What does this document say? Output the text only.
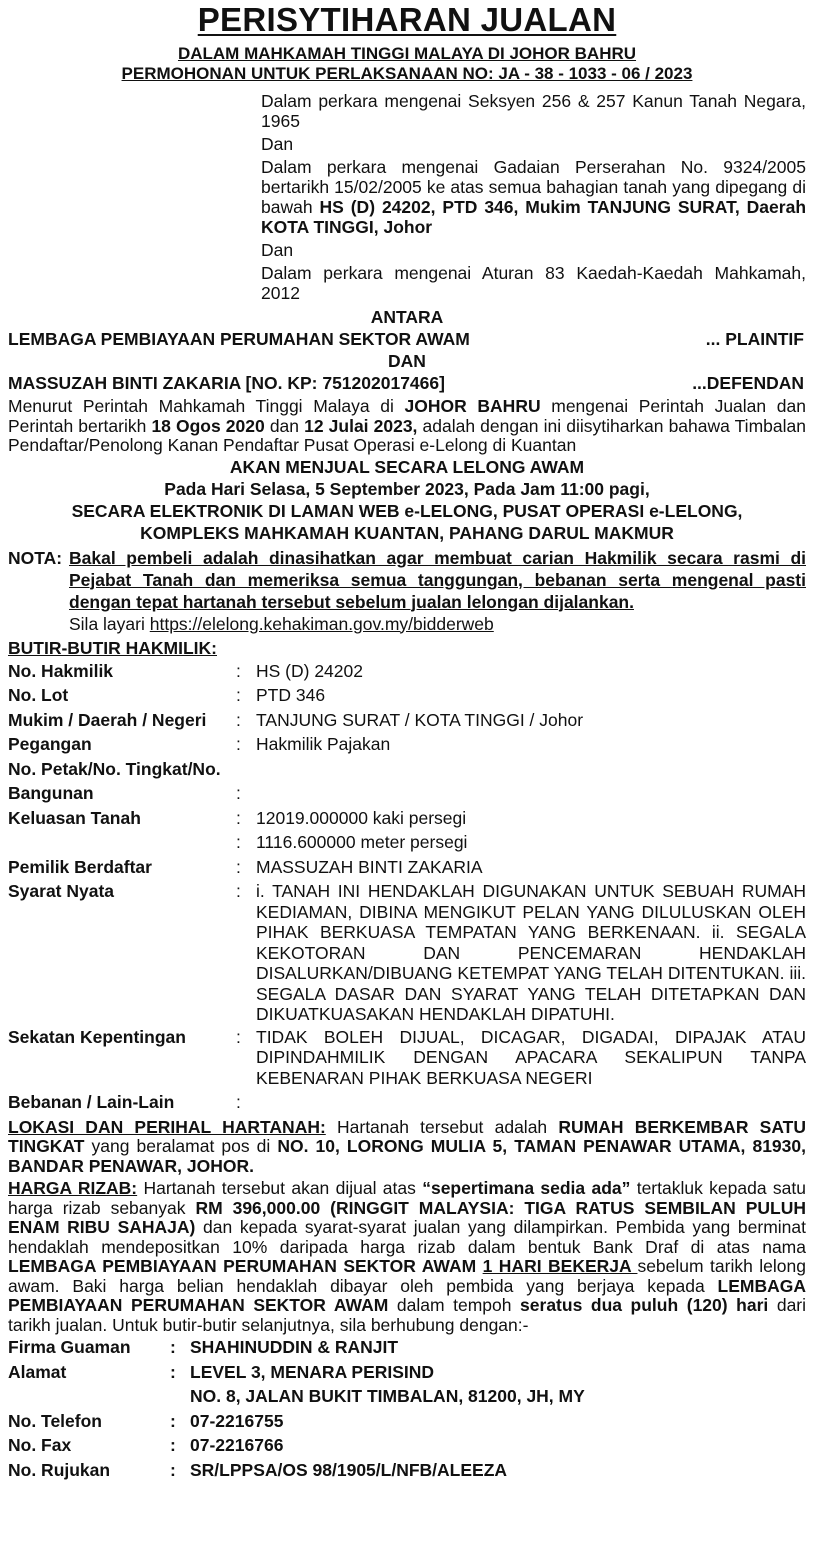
PERISYTIHARAN JUALAN
DALAM MAHKAMAH TINGGI MALAYA DI JOHOR BAHRU
PERMOHONAN UNTUK PERLAKSANAAN NO: JA - 38 - 1033 - 06 / 2023

Dalam perkara mengenai Seksyen 256 & 257 Kanun Tanah Negara, 1965

Dan

Dalam perkara mengenai Gadaian Perserahan No. 9324/2005 bertarikh 15/02/2005 ke atas semua bahagian tanah yang dipegang di bawah HS (D) 24202, PTD 346, Mukim TANJUNG SURAT, Daerah KOTA TINGGI, Johor

Dan

Dalam perkara mengenai Aturan 83 Kaedah-Kaedah Mahkamah, 2012

ANTARA
LEMBAGA PEMBIAYAAN PERUMAHAN SEKTOR AWAM	... PLAINTIF
DAN
MASSUZAH BINTI ZAKARIA [NO. KP: 751202017466]	...DEFENDAN

Menurut Perintah Mahkamah Tinggi Malaya di JOHOR BAHRU mengenai Perintah Jualan dan Perintah bertarikh 18 Ogos 2020 dan 12 Julai 2023, adalah dengan ini diisytiharkan bahawa Timbalan Pendaftar/Penolong Kanan Pendaftar Pusat Operasi e-Lelong di Kuantan

AKAN MENJUAL SECARA LELONG AWAM
Pada Hari Selasa, 5 September 2023, Pada Jam 11:00 pagi,
SECARA ELEKTRONIK DI LAMAN WEB e-LELONG, PUSAT OPERASI e-LELONG,
KOMPLEKS MAHKAMAH KUANTAN, PAHANG DARUL MAKMUR
NOTA: Bakal pembeli adalah dinasihatkan agar membuat carian Hakmilik secara rasmi di Pejabat Tanah dan memeriksa semua tanggungan, bebanan serta mengenal pasti dengan tepat hartanah tersebut sebelum jualan lelongan dijalankan.
Sila layari https://elelong.kehakiman.gov.my/bidderweb
BUTIR-BUTIR HAKMILIK:
No. Hakmilik	: HS (D) 24202
No. Lot	: PTD 346
Mukim / Daerah / Negeri	: TANJUNG SURAT / KOTA TINGGI / Johor
Pegangan	: Hakmilik Pajakan
No. Petak/No. Tingkat/No.
Bangunan	:
Keluasan Tanah	: 12019.000000 kaki persegi
: 1116.600000 meter persegi
Pemilik Berdaftar	: MASSUZAH BINTI ZAKARIA
Syarat Nyata	: i. TANAH INI HENDAKLAH DIGUNAKAN UNTUK SEBUAH RUMAH KEDIAMAN, DIBINA MENGIKUT PELAN YANG DILULUSKAN OLEH PIHAK BERKUASA TEMPATAN YANG BERKENAAN. ii. SEGALA KEKOTORAN DAN PENCEMARAN HENDAKLAH DISALURKAN/DIBUANG KETEMPAT YANG TELAH DITENTUKAN. iii. SEGALA DASAR DAN SYARAT YANG TELAH DITETAPKAN DAN DIKUATKUASAKAN HENDAKLAH DIPATUHI.
Sekatan Kepentingan	: TIDAK BOLEH DIJUAL, DICAGAR, DIGADAI, DIPAJAK ATAU DIPINDAHMILIK DENGAN APACARA SEKALIPUN TANPA KEBENARAN PIHAK BERKUASA NEGERI
Bebanan / Lain-Lain	:

LOKASI DAN PERIHAL HARTANAH: Hartanah tersebut adalah RUMAH BERKEMBAR SATU TINGKAT yang beralamat pos di NO. 10, LORONG MULIA 5, TAMAN PENAWAR UTAMA, 81930, BANDAR PENAWAR, JOHOR.

HARGA RIZAB: Hartanah tersebut akan dijual atas “sepertimana sedia ada” tertakluk kepada satu harga rizab sebanyak RM 396,000.00 (RINGGIT MALAYSIA: TIGA RATUS SEMBILAN PULUH ENAM RIBU SAHAJA) dan kepada syarat-syarat jualan yang dilampirkan. Pembida yang berminat hendaklah mendepositkan 10% daripada harga rizab dalam bentuk Bank Draf di atas nama LEMBAGA PEMBIAYAAN PERUMAHAN SEKTOR AWAM 1 HARI BEKERJA sebelum tarikh lelong awam. Baki harga belian hendaklah dibayar oleh pembida yang berjaya kepada LEMBAGA PEMBIAYAAN PERUMAHAN SEKTOR AWAM dalam tempoh seratus dua puluh (120) hari dari tarikh jualan. Untuk butir-butir selanjutnya, sila berhubung dengan:-

Firma Guaman	: SHAHINUDDIN & RANJIT
Alamat	: LEVEL 3, MENARA PERISIND
NO. 8, JALAN BUKIT TIMBALAN, 81200, JH, MY
No. Telefon	: 07-2216755
No. Fax	: 07-2216766
No. Rujukan	: SR/LPPSA/OS 98/1905/L/NFB/ALEEZA
